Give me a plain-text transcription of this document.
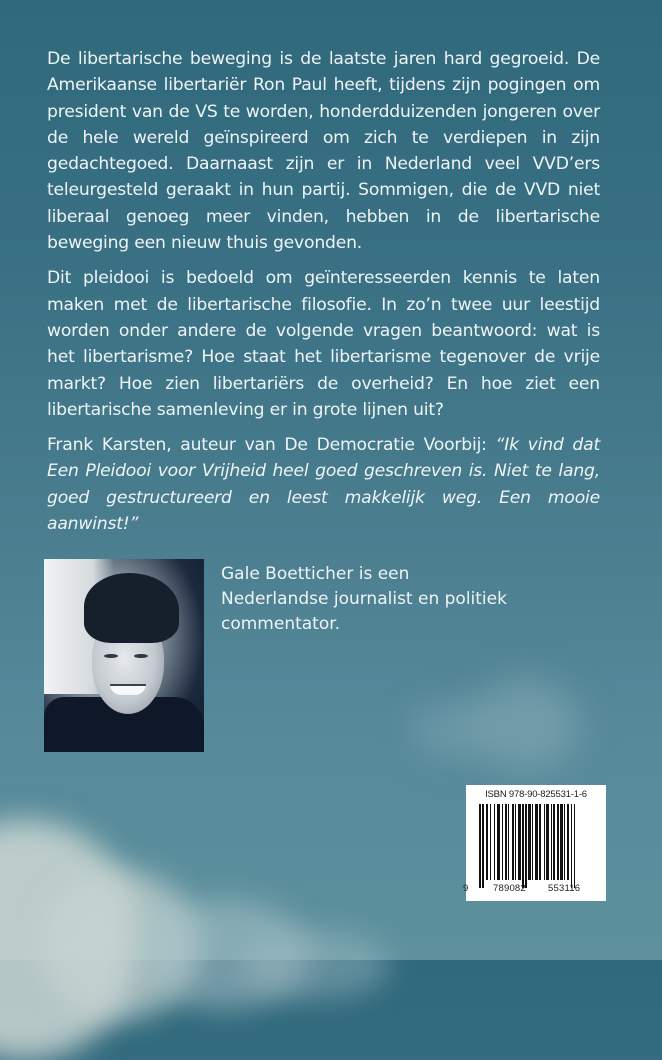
De libertarische beweging is de laatste jaren hard gegroeid. De Amerikaanse libertariër Ron Paul heeft, tijdens zijn pogingen om president van de VS te worden, honderdduizenden jongeren over de hele wereld geïnspireerd om zich te verdiepen in zijn gedachtegoed. Daarnaast zijn er in Nederland veel VVD’ers teleurgesteld geraakt in hun partij. Sommigen, die de VVD niet liberaal genoeg meer vinden, hebben in de libertarische beweging een nieuw thuis gevonden.

Dit pleidooi is bedoeld om geïnteresseerden kennis te laten maken met de libertarische filosofie. In zo’n twee uur leestijd worden onder andere de volgende vragen beantwoord: wat is het libertarisme? Hoe staat het libertarisme tegenover de vrije markt? Hoe zien libertariërs de overheid? En hoe ziet een libertarische samenleving er in grote lijnen uit?

Frank Karsten, auteur van De Democratie Voorbij: “Ik vind dat Een Pleidooi voor Vrijheid heel goed geschreven is. Niet te lang, goed gestructureerd en leest makkelijk weg. Een mooie aanwinst!”

Gale Boetticher is een Nederlandse journalist en politiek commentator.
ISBN 978-90-825531-1-6
9	789082 553116
